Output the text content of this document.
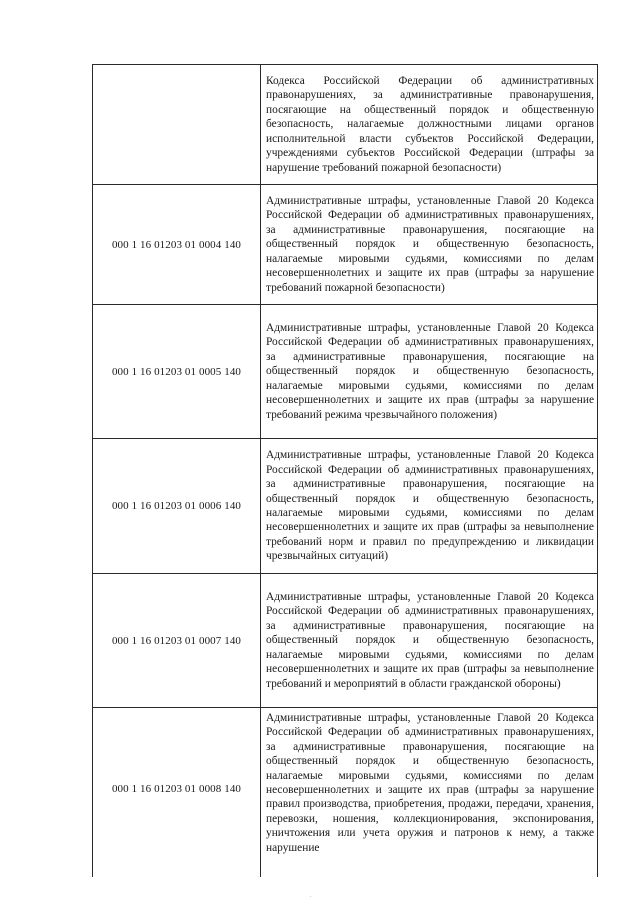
	Кодекса Российской Федерации об административных правонарушениях, за административные правонарушения, посягающие на общественный порядок и общественную безопасность, налагаемые должностными лицами органов исполнительной власти субъектов Российской Федерации, учреждениями субъектов Российской Федерации (штрафы за нарушение требований пожарной безопасности)
000 1 16 01203 01 0004 140	Административные штрафы, установленные Главой 20 Кодекса Российской Федерации об административных правонарушениях, за административные правонарушения, посягающие на общественный порядок и общественную безопасность, налагаемые мировыми судьями, комиссиями по делам несовершеннолетних и защите их прав (штрафы за нарушение требований пожарной безопасности)
000 1 16 01203 01 0005 140	Административные штрафы, установленные Главой 20 Кодекса Российской Федерации об административных правонарушениях, за административные правонарушения, посягающие на общественный порядок и общественную безопасность, налагаемые мировыми судьями, комиссиями по делам несовершеннолетних и защите их прав (штрафы за нарушение требований режима чрезвычайного положения)
000 1 16 01203 01 0006 140	Административные штрафы, установленные Главой 20 Кодекса Российской Федерации об административных правонарушениях, за административные правонарушения, посягающие на общественный порядок и общественную безопасность, налагаемые мировыми судьями, комиссиями по делам несовершеннолетних и защите их прав (штрафы за невыполнение требований норм и правил по предупреждению и ликвидации чрезвычайных ситуаций)
000 1 16 01203 01 0007 140	Административные штрафы, установленные Главой 20 Кодекса Российской Федерации об административных правонарушениях, за административные правонарушения, посягающие на общественный порядок и общественную безопасность, налагаемые мировыми судьями, комиссиями по делам несовершеннолетних и защите их прав (штрафы за невыполнение требований и мероприятий в области гражданской обороны)
000 1 16 01203 01 0008 140	Административные штрафы, установленные Главой 20 Кодекса Российской Федерации об административных правонарушениях, за административные правонарушения, посягающие на общественный порядок и общественную безопасность, налагаемые мировыми судьями, комиссиями по делам несовершеннолетних и защите их прав (штрафы за нарушение правил производства, приобретения, продажи, передачи, хранения, перевозки, ношения, коллекционирования, экспонирования, уничтожения или учета оружия и патронов к нему, а также нарушение
.
